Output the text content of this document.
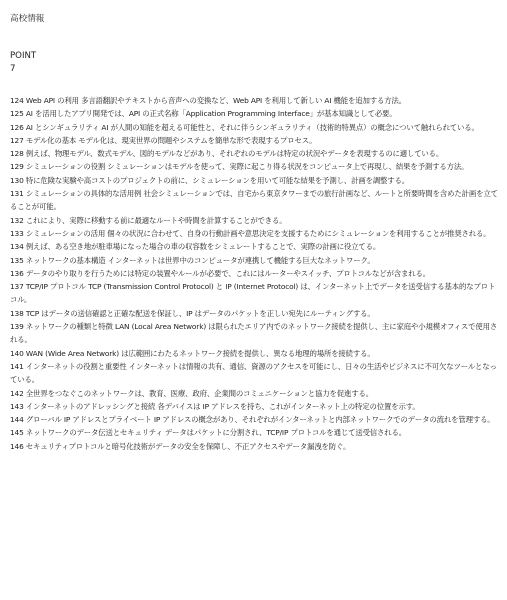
高校情報
POINT
7
124 Web API の利用 多言語翻訳やテキストから音声への変換など、Web API を利用して新しい AI 機能を追加する方法。
125 AI を活用したアプリ開発では、API の正式名称「Application Programming Interface」が基本知識として必要。
126 AI とシンギュラリティ AI が人間の知能を超える可能性と、それに伴うシンギュラリティ（技術的特異点）の概念について触れられている。
127 モデル化の基本 モデル化は、現実世界の問題やシステムを簡単な形で表現するプロセス。
128 例えば、物理モデル、数式モデル、図的モデルなどがあり、それぞれのモデルは特定の状況やデータを表現するのに適している。
129 シミュレーションの役割 シミュレーションはモデルを使って、実際に起こり得る状況をコンピュータ上で再現し、結果を予測する方法。
130 特に危険な実験や高コストのプロジェクトの前に、シミュレーションを用いて可能な結果を予測し、計画を調整する。
131 シミュレーションの具体的な活用例 社会シミュレーションでは、自宅から東京タワーまでの旅行計画など、ルートと所要時間を含めた計画を立てることが可能。
132 これにより、実際に移動する前に最適なルートや時間を計算することができる。
133 シミュレーションの活用 個々の状況に合わせて、自身の行動計画や意思決定を支援するためにシミュレーションを利用することが推奨される。
134 例えば、ある空き地が駐車場になった場合の車の収容数をシミュレートすることで、実際の計画に役立てる。
135 ネットワークの基本構造 インターネットは世界中のコンピュータが連携して機能する巨大なネットワーク。
136 データのやり取りを行うためには特定の装置やルールが必要で、これにはルーターやスイッチ、プロトコルなどが含まれる。
137 TCP/IP プロトコル TCP (Transmission Control Protocol) と IP (Internet Protocol) は、インターネット上でデータを送受信する基本的なプロトコル。
138 TCP はデータの送信確認と正確な配送を保証し、IP はデータのパケットを正しい宛先にルーティングする。
139 ネットワークの種類と特徴 LAN (Local Area Network) は限られたエリア内でのネットワーク接続を提供し、主に家庭や小規模オフィスで使用される。
140 WAN (Wide Area Network) は広範囲にわたるネットワーク接続を提供し、異なる地理的場所を接続する。
141 インターネットの役割と重要性 インターネットは情報の共有、通信、資源のアクセスを可能にし、日々の生活やビジネスに不可欠なツールとなっている。
142 全世界をつなぐこのネットワークは、教育、医療、政府、企業間のコミュニケーションと協力を促進する。
143 インターネットのアドレッシングと接続 各デバイスは IP アドレスを持ち、これがインターネット上の特定の位置を示す。
144 グローバル IP アドレスとプライベート IP アドレスの概念があり、それぞれがインターネットと内部ネットワークでのデータの流れを管理する。
145 ネットワークのデータ伝送とセキュリティ データはパケットに分割され、TCP/IP プロトコルを通じて送受信される。
146 セキュリティプロトコルと暗号化技術がデータの安全を保障し、不正アクセスやデータ漏洩を防ぐ。
